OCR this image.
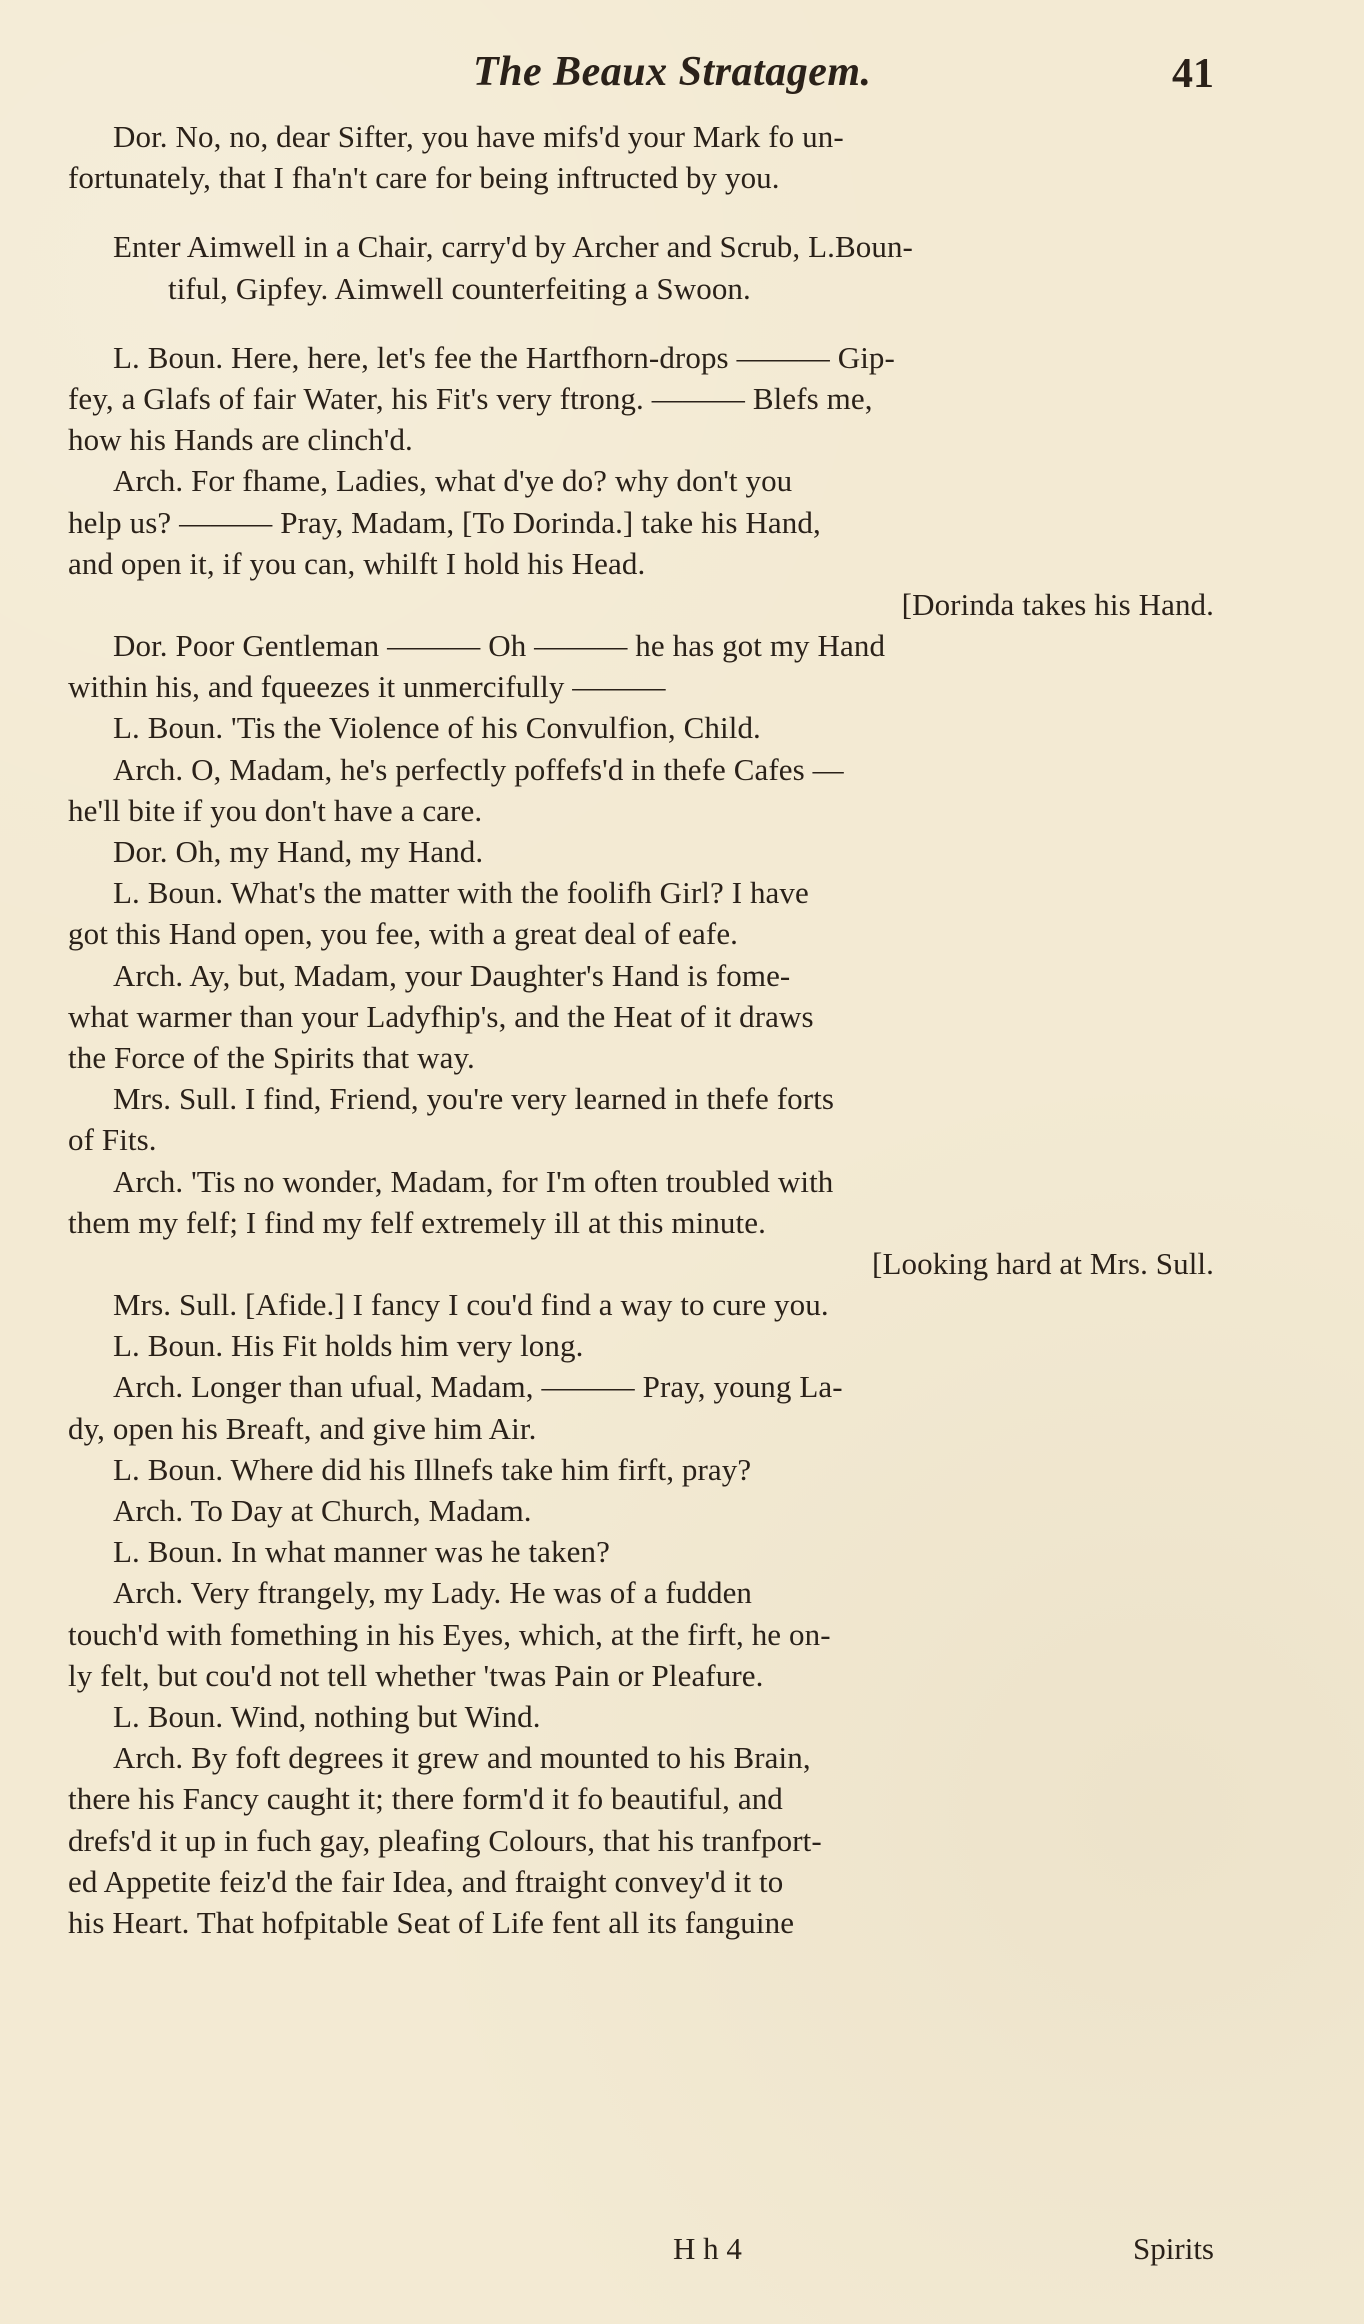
The Beaux Stratagem.	41
Dor. No, no, dear Sifter, you have mifs'd your Mark fo un-
fortunately, that I fha'n't care for being inftructed by you.
Enter Aimwell in a Chair, carry'd by Archer and Scrub, L.Boun-
tiful, Gipfey. Aimwell counterfeiting a Swoon.
L. Boun. Here, here, let's fee the Hartfhorn-drops ——— Gip-
fey, a Glafs of fair Water, his Fit's very ftrong. ——— Blefs me,
how his Hands are clinch'd.
Arch. For fhame, Ladies, what d'ye do? why don't you
help us? ——— Pray, Madam, [To Dorinda.] take his Hand,
and open it, if you can, whilft I hold his Head.
[Dorinda takes his Hand.
Dor. Poor Gentleman ——— Oh ——— he has got my Hand
within his, and fqueezes it unmercifully ———
L. Boun. 'Tis the Violence of his Convulfion, Child.
Arch. O, Madam, he's perfectly poffefs'd in thefe Cafes —
he'll bite if you don't have a care.
Dor. Oh, my Hand, my Hand.
L. Boun. What's the matter with the foolifh Girl? I have
got this Hand open, you fee, with a great deal of eafe.
Arch. Ay, but, Madam, your Daughter's Hand is fome-
what warmer than your Ladyfhip's, and the Heat of it draws
the Force of the Spirits that way.
Mrs. Sull. I find, Friend, you're very learned in thefe forts
of Fits.
Arch. 'Tis no wonder, Madam, for I'm often troubled with
them my felf; I find my felf extremely ill at this minute.
[Looking hard at Mrs. Sull.
Mrs. Sull. [Afide.] I fancy I cou'd find a way to cure you.
L. Boun. His Fit holds him very long.
Arch. Longer than ufual, Madam, ——— Pray, young La-
dy, open his Breaft, and give him Air.
L. Boun. Where did his Illnefs take him firft, pray?
Arch. To Day at Church, Madam.
L. Boun. In what manner was he taken?
Arch. Very ftrangely, my Lady. He was of a fudden
touch'd with fomething in his Eyes, which, at the firft, he on-
ly felt, but cou'd not tell whether 'twas Pain or Pleafure.
L. Boun. Wind, nothing but Wind.
Arch. By foft degrees it grew and mounted to his Brain,
there his Fancy caught it; there form'd it fo beautiful, and
drefs'd it up in fuch gay, pleafing Colours, that his tranfport-
ed Appetite feiz'd the fair Idea, and ftraight convey'd it to
his Heart. That hofpitable Seat of Life fent all its fanguine
H h 4	Spirits
